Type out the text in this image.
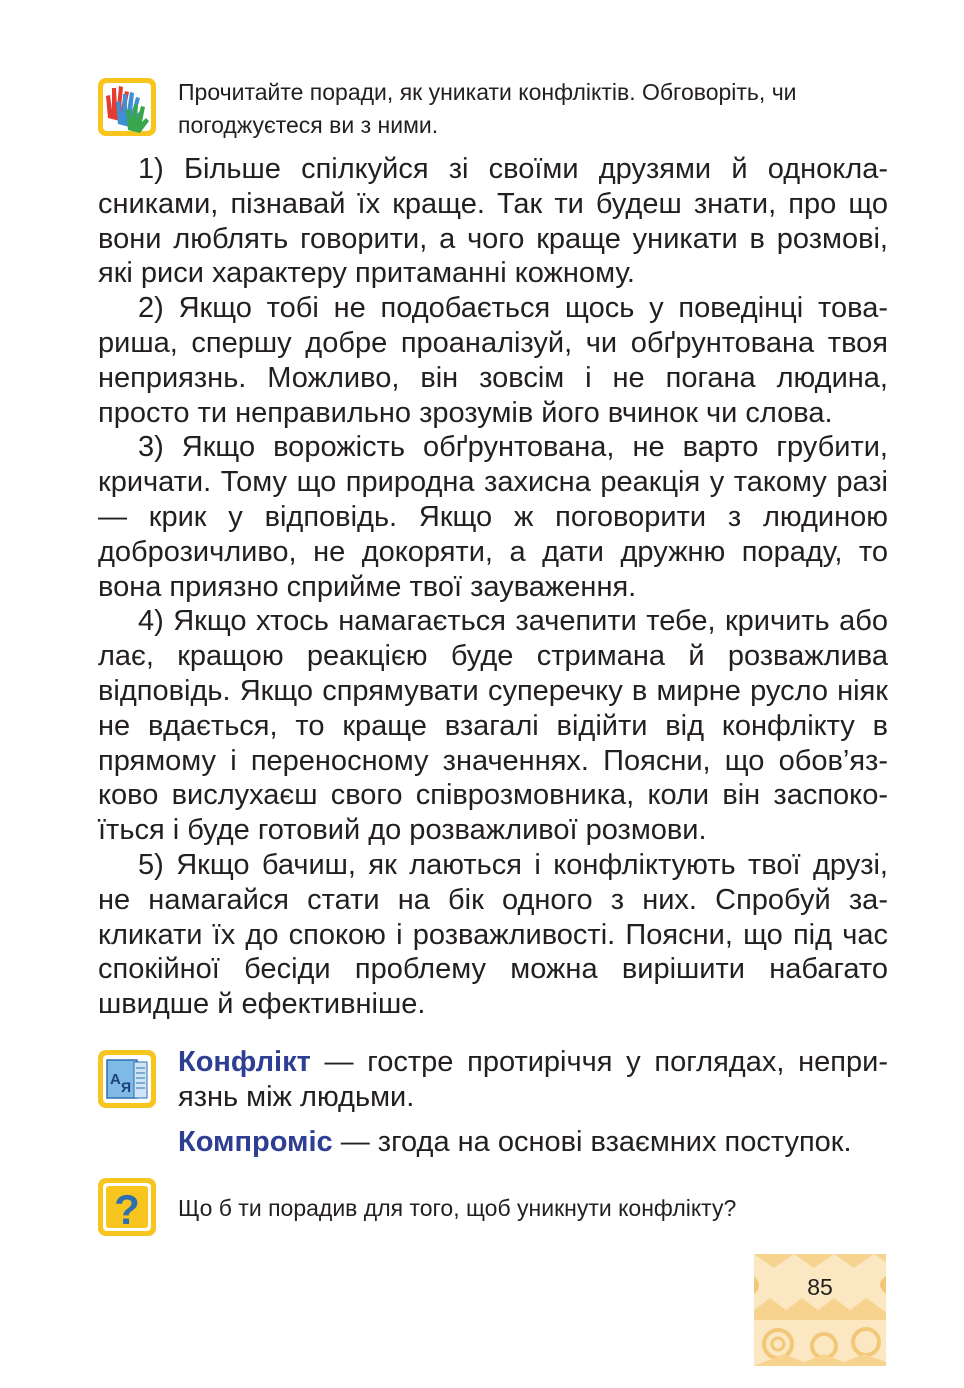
Прочитайте поради, як уникати конфліктів. Обговоріть, чи погоджуєтеся ви з ними.

1) Більше спілкуйся зі своїми друзями й однокласниками, пізнавай їх краще. Так ти будеш знати, про що вони люблять говорити, а чого краще уникати в розмові, які риси характеру притаманні кожному.

2) Якщо тобі не подобається щось у поведінці товариша, спершу добре проаналізуй, чи обґрунтована твоя неприязнь. Можливо, він зовсім і не погана людина, просто ти неправильно зрозумів його вчинок чи слова.

3) Якщо ворожість обґрунтована, не варто грубити, кричати. Тому що природна захисна реакція у такому разі — крик у відповідь. Якщо ж поговорити з людиною доброзичливо, не докоряти, а дати дружню пораду, то вона приязно сприйме твої зауваження.

4) Якщо хтось намагається зачепити тебе, кричить або лає, кращою реакцією буде стримана й розважлива відповідь. Якщо спрямувати суперечку в мирне русло ніяк не вдається, то краще взагалі відійти від конфлікту в прямому і переносному значеннях. Поясни, що обов’язково вислухаєш свого співрозмовника, коли він заспокоїться і буде готовий до розважливої розмови.

5) Якщо бачиш, як лаються і конфліктують твої друзі, не намагайся стати на бік одного з них. Спробуй закликати їх до спокою і розважливості. Поясни, що під час спокійної бесіди проблему можна вирішити набагато швидше й ефективніше.

А Я

Конфлікт — гостре протиріччя у поглядах, неприязнь між людьми.

Компроміс — згода на основі взаємних поступок.

? Що б ти порадив для того, щоб уникнути конфлікту?

85
